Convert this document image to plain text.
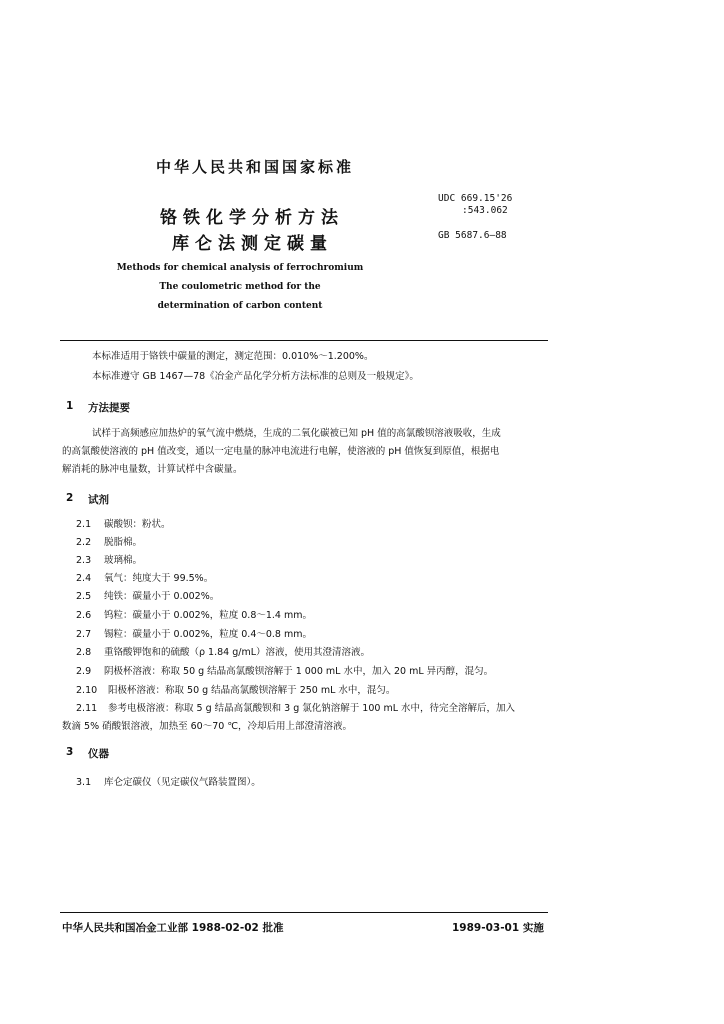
中华人民共和国国家标准
铬铁化学分析方法
库仑法测定碳量
Methods for chemical analysis of ferrochromium
The coulometric method for the
determination of carbon content
UDC 669.15'26
:543.062
GB 5687.6—88
本标准适用于铬铁中碳量的测定，测定范围：0.010%～1.200%。
本标准遵守 GB 1467—78《冶金产品化学分析方法标准的总则及一般规定》。
1 方法提要
试样于高频感应加热炉的氧气流中燃烧，生成的二氧化碳被已知 pH 值的高氯酸钡溶液吸收，生成
的高氯酸使溶液的 pH 值改变，通以一定电量的脉冲电流进行电解，使溶液的 pH 值恢复到原值，根据电
解消耗的脉冲电量数，计算试样中含碳量。
2 试剂
2.1	碳酸钡：粉状。
2.2	脱脂棉。
2.3	玻璃棉。
2.4	氧气：纯度大于 99.5%。
2.5	纯铁：碳量小于 0.002%。
2.6	钨粒：碳量小于 0.002%，粒度 0.8～1.4 mm。
2.7	锡粒：碳量小于 0.002%，粒度 0.4～0.8 mm。
2.8	重铬酸钾饱和的硫酸（ρ 1.84 g/mL）溶液，使用其澄清溶液。
2.9	阴极杯溶液：称取 50 g 结晶高氯酸钡溶解于 1 000 mL 水中，加入 20 mL 异丙醇，混匀。
2.10 阳极杯溶液：称取 50 g 结晶高氯酸钡溶解于 250 mL 水中，混匀。
2.11 参考电极溶液：称取 5 g 结晶高氯酸钡和 3 g 氯化钠溶解于 100 mL 水中，待完全溶解后，加入
数滴 5% 硝酸银溶液，加热至 60～70 ℃，冷却后用上部澄清溶液。
3 仪器
3.1 库仑定碳仪（见定碳仪气路装置图）。
中华人民共和国冶金工业部 1988-02-02 批准	1989-03-01 实施
